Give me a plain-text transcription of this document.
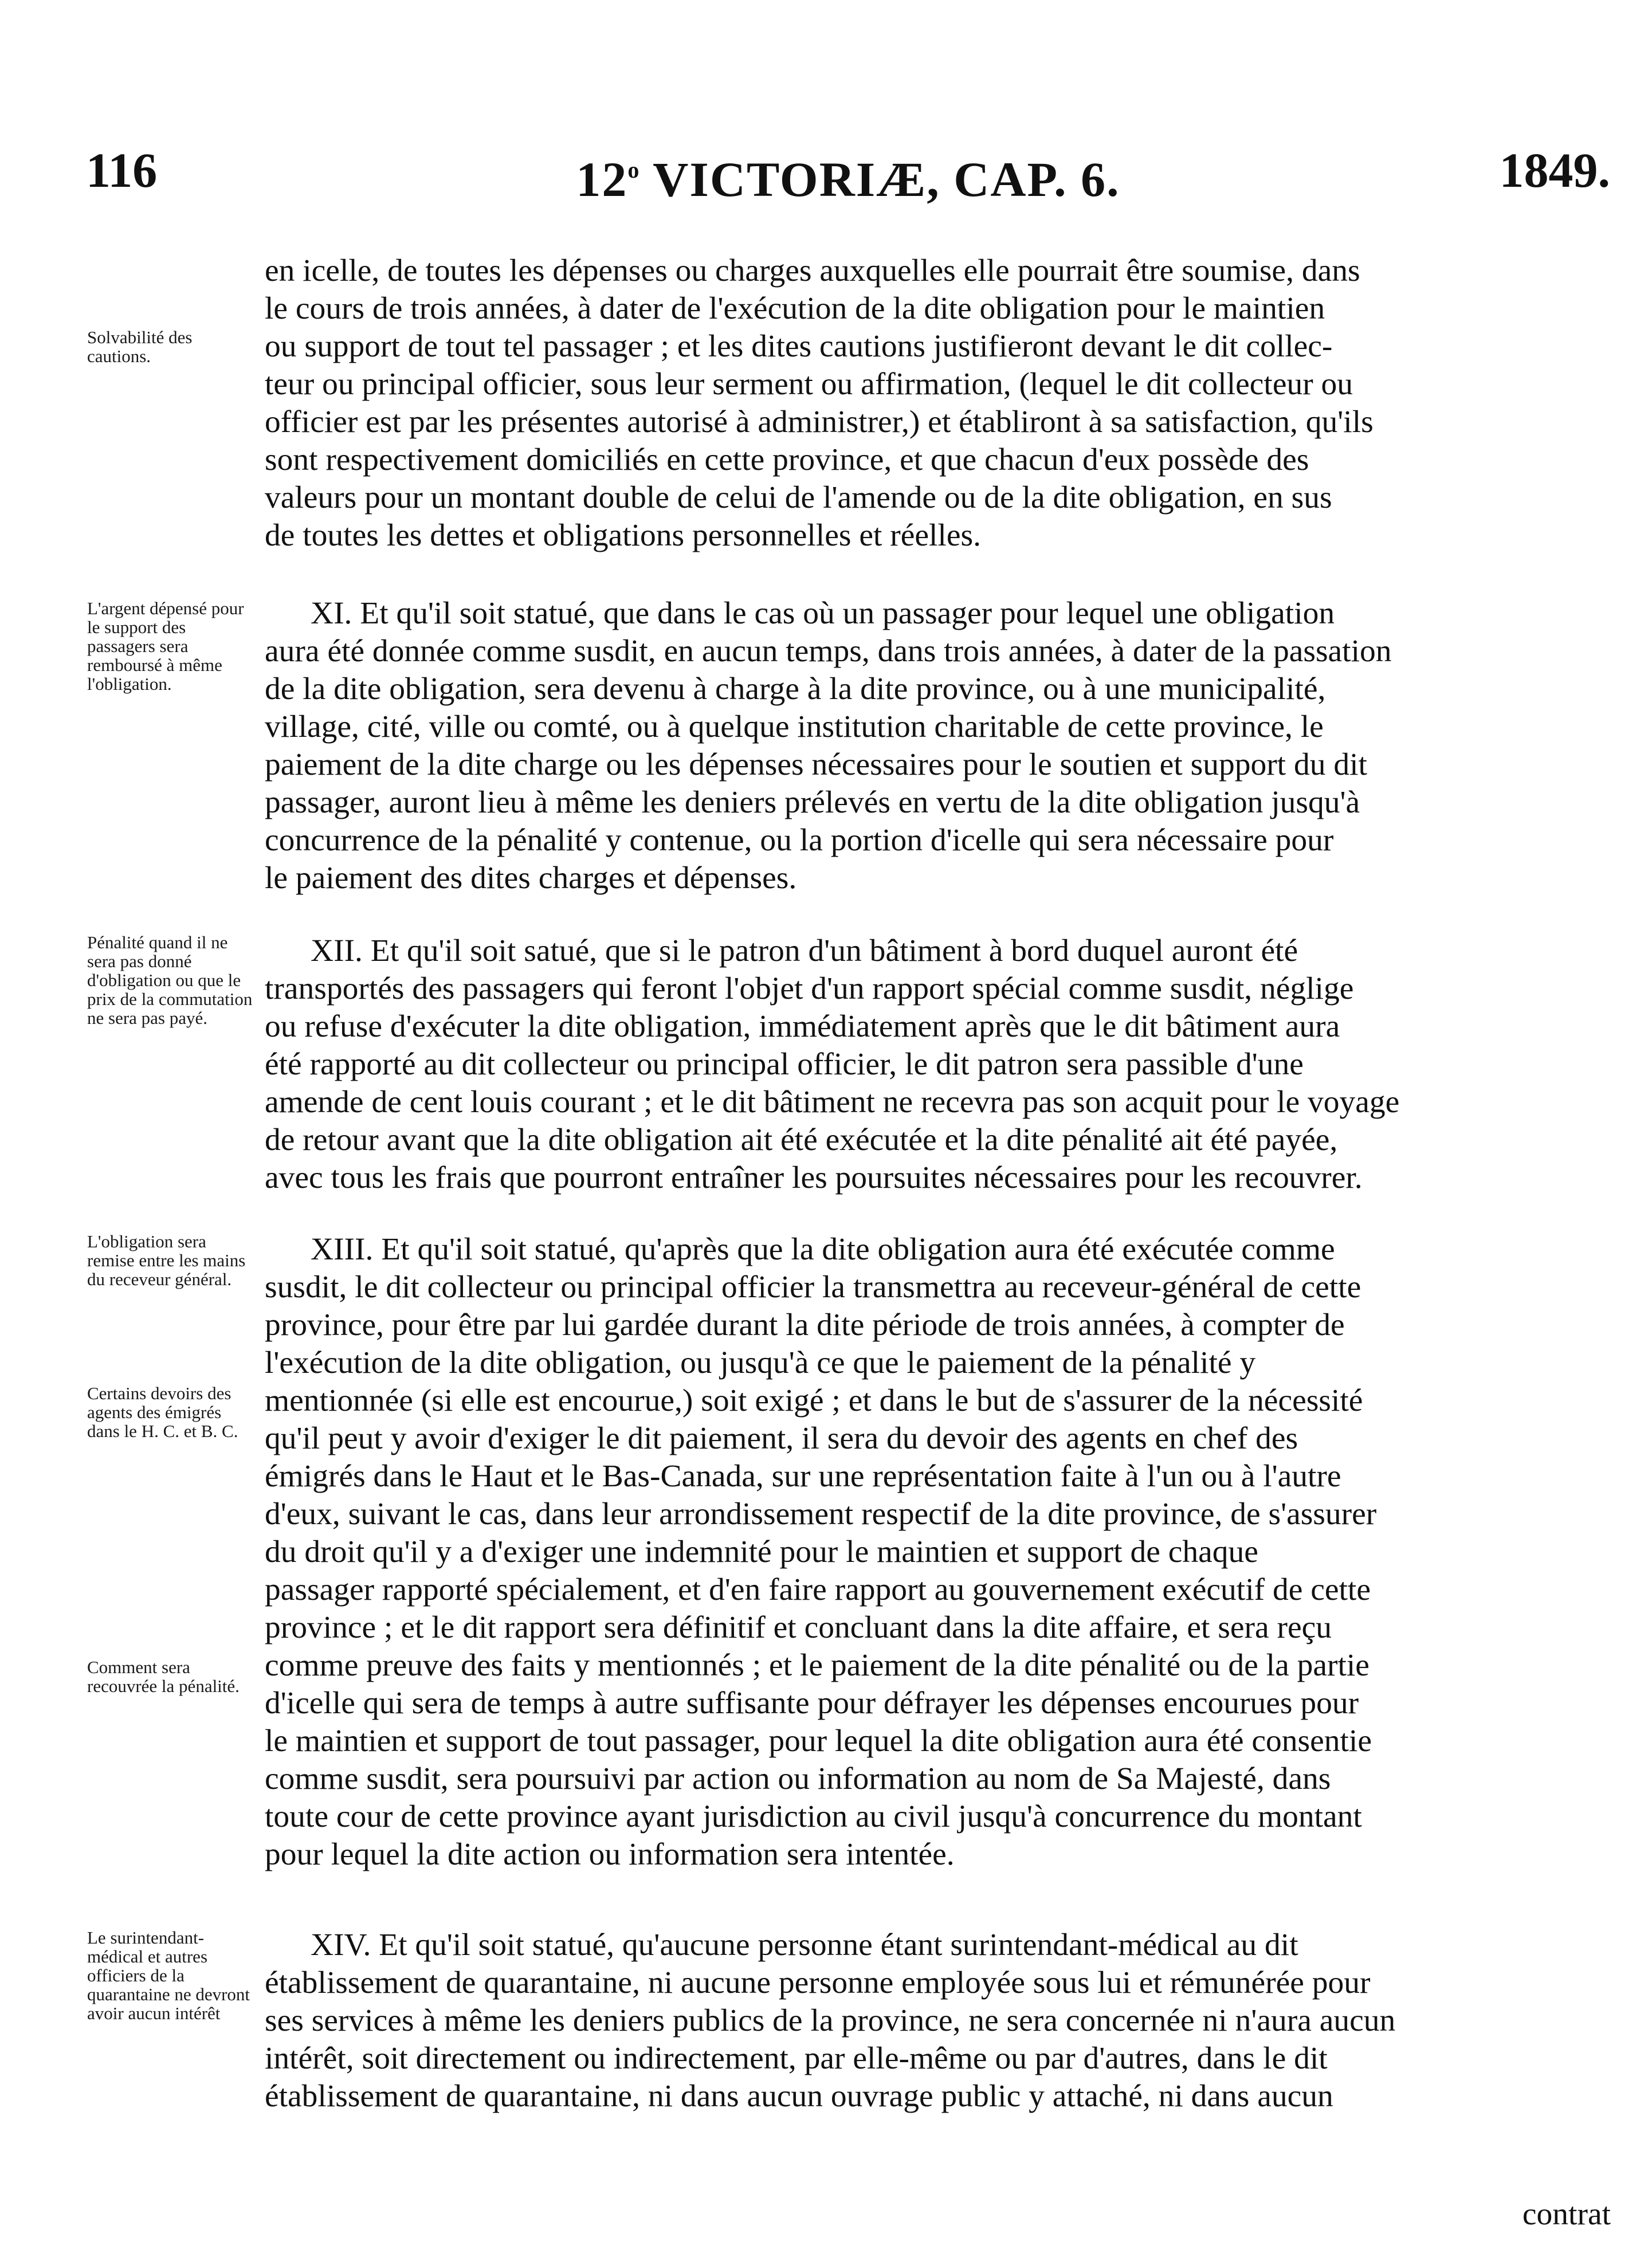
116	12$^o$ VICTORIÆ, CAP. 6.	1849.
Solvabilité des cautions.
L'argent dépensé pour le support des passagers sera remboursé à même l'obligation.
Pénalité quand il ne sera pas donné d'obligation ou que le prix de la commutation ne sera pas payé.
L'obligation sera remise entre les mains du receveur général.
Certains devoirs des agents des émigrés dans le H. C. et B. C.
Comment sera recouvrée la pénalité.
Le surintendant-médical et autres officiers de la quarantaine ne devront avoir aucun intérêt
en icelle, de toutes les dépenses ou charges auxquelles elle pourrait être soumise, dans
le cours de trois années, à dater de l'exécution de la dite obligation pour le maintien
ou support de tout tel passager ; et les dites cautions justifieront devant le dit collec-
teur ou principal officier, sous leur serment ou affirmation, (lequel le dit collecteur ou
officier est par les présentes autorisé à administrer,) et établiront à sa satisfaction, qu'ils
sont respectivement domiciliés en cette province, et que chacun d'eux possède des
valeurs pour un montant double de celui de l'amende ou de la dite obligation, en sus
de toutes les dettes et obligations personnelles et réelles.
XI. Et qu'il soit statué, que dans le cas où un passager pour lequel une obligation
aura été donnée comme susdit, en aucun temps, dans trois années, à dater de la passation
de la dite obligation, sera devenu à charge à la dite province, ou à une municipalité,
village, cité, ville ou comté, ou à quelque institution charitable de cette province, le
paiement de la dite charge ou les dépenses nécessaires pour le soutien et support du dit
passager, auront lieu à même les deniers prélevés en vertu de la dite obligation jusqu'à
concurrence de la pénalité y contenue, ou la portion d'icelle qui sera nécessaire pour
le paiement des dites charges et dépenses.
XII. Et qu'il soit satué, que si le patron d'un bâtiment à bord duquel auront été
transportés des passagers qui feront l'objet d'un rapport spécial comme susdit, néglige
ou refuse d'exécuter la dite obligation, immédiatement après que le dit bâtiment aura
été rapporté au dit collecteur ou principal officier, le dit patron sera passible d'une
amende de cent louis courant ; et le dit bâtiment ne recevra pas son acquit pour le voyage
de retour avant que la dite obligation ait été exécutée et la dite pénalité ait été payée,
avec tous les frais que pourront entraîner les poursuites nécessaires pour les recouvrer.
XIII. Et qu'il soit statué, qu'après que la dite obligation aura été exécutée comme
susdit, le dit collecteur ou principal officier la transmettra au receveur-général de cette
province, pour être par lui gardée durant la dite période de trois années, à compter de
l'exécution de la dite obligation, ou jusqu'à ce que le paiement de la pénalité y
mentionnée (si elle est encourue,) soit exigé ; et dans le but de s'assurer de la nécessité
qu'il peut y avoir d'exiger le dit paiement, il sera du devoir des agents en chef des
émigrés dans le Haut et le Bas-Canada, sur une représentation faite à l'un ou à l'autre
d'eux, suivant le cas, dans leur arrondissement respectif de la dite province, de s'assurer
du droit qu'il y a d'exiger une indemnité pour le maintien et support de chaque
passager rapporté spécialement, et d'en faire rapport au gouvernement exécutif de cette
province ; et le dit rapport sera définitif et concluant dans la dite affaire, et sera reçu
comme preuve des faits y mentionnés ; et le paiement de la dite pénalité ou de la partie
d'icelle qui sera de temps à autre suffisante pour défrayer les dépenses encourues pour
le maintien et support de tout passager, pour lequel la dite obligation aura été consentie
comme susdit, sera poursuivi par action ou information au nom de Sa Majesté, dans
toute cour de cette province ayant jurisdiction au civil jusqu'à concurrence du montant
pour lequel la dite action ou information sera intentée.
XIV. Et qu'il soit statué, qu'aucune personne étant surintendant-médical au dit
établissement de quarantaine, ni aucune personne employée sous lui et rémunérée pour
ses services à même les deniers publics de la province, ne sera concernée ni n'aura aucun
intérêt, soit directement ou indirectement, par elle-même ou par d'autres, dans le dit
établissement de quarantaine, ni dans aucun ouvrage public y attaché, ni dans aucun
contrat
